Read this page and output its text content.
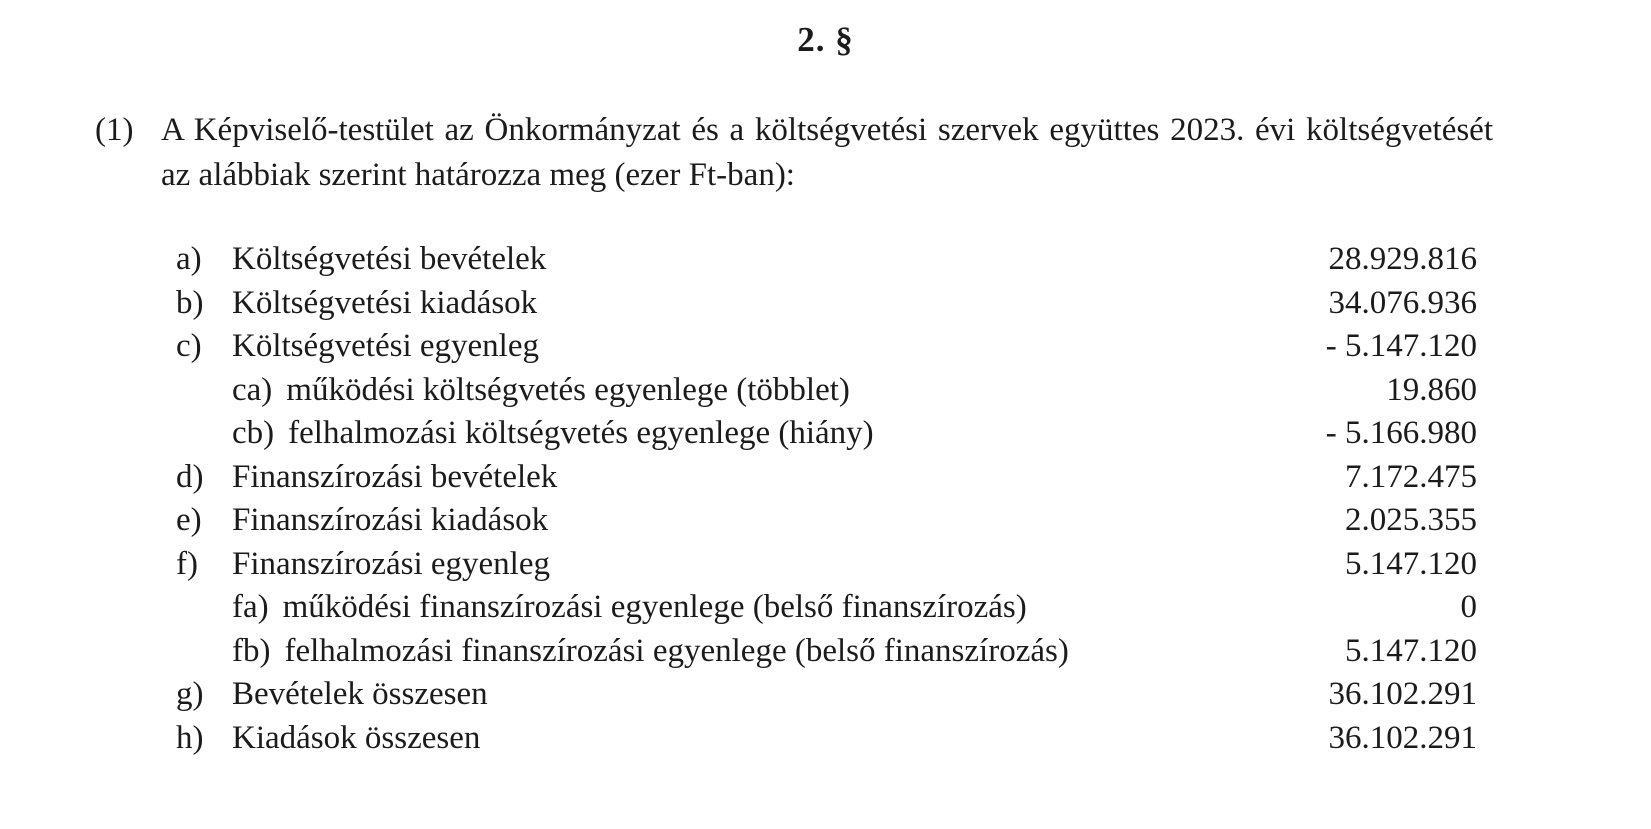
2. §
(1) A Képviselő-testület az Önkormányzat és a költségvetési szervek együttes 2023. évi költségvetését az alábbiak szerint határozza meg (ezer Ft-ban):
a) Költségvetési bevételek	28.929.816
b) Költségvetési kiadások	34.076.936
c) Költségvetési egyenleg	- 5.147.120
ca) működési költségvetés egyenlege (többlet)	19.860
cb) felhalmozási költségvetés egyenlege (hiány)	- 5.166.980
d) Finanszírozási bevételek	7.172.475
e) Finanszírozási kiadások	2.025.355
f)	Finanszírozási egyenleg	5.147.120
fa) működési finanszírozási egyenlege (belső finanszírozás)	0
fb) felhalmozási finanszírozási egyenlege (belső finanszírozás)	5.147.120
g) Bevételek összesen	36.102.291
h) Kiadások összesen	36.102.291
